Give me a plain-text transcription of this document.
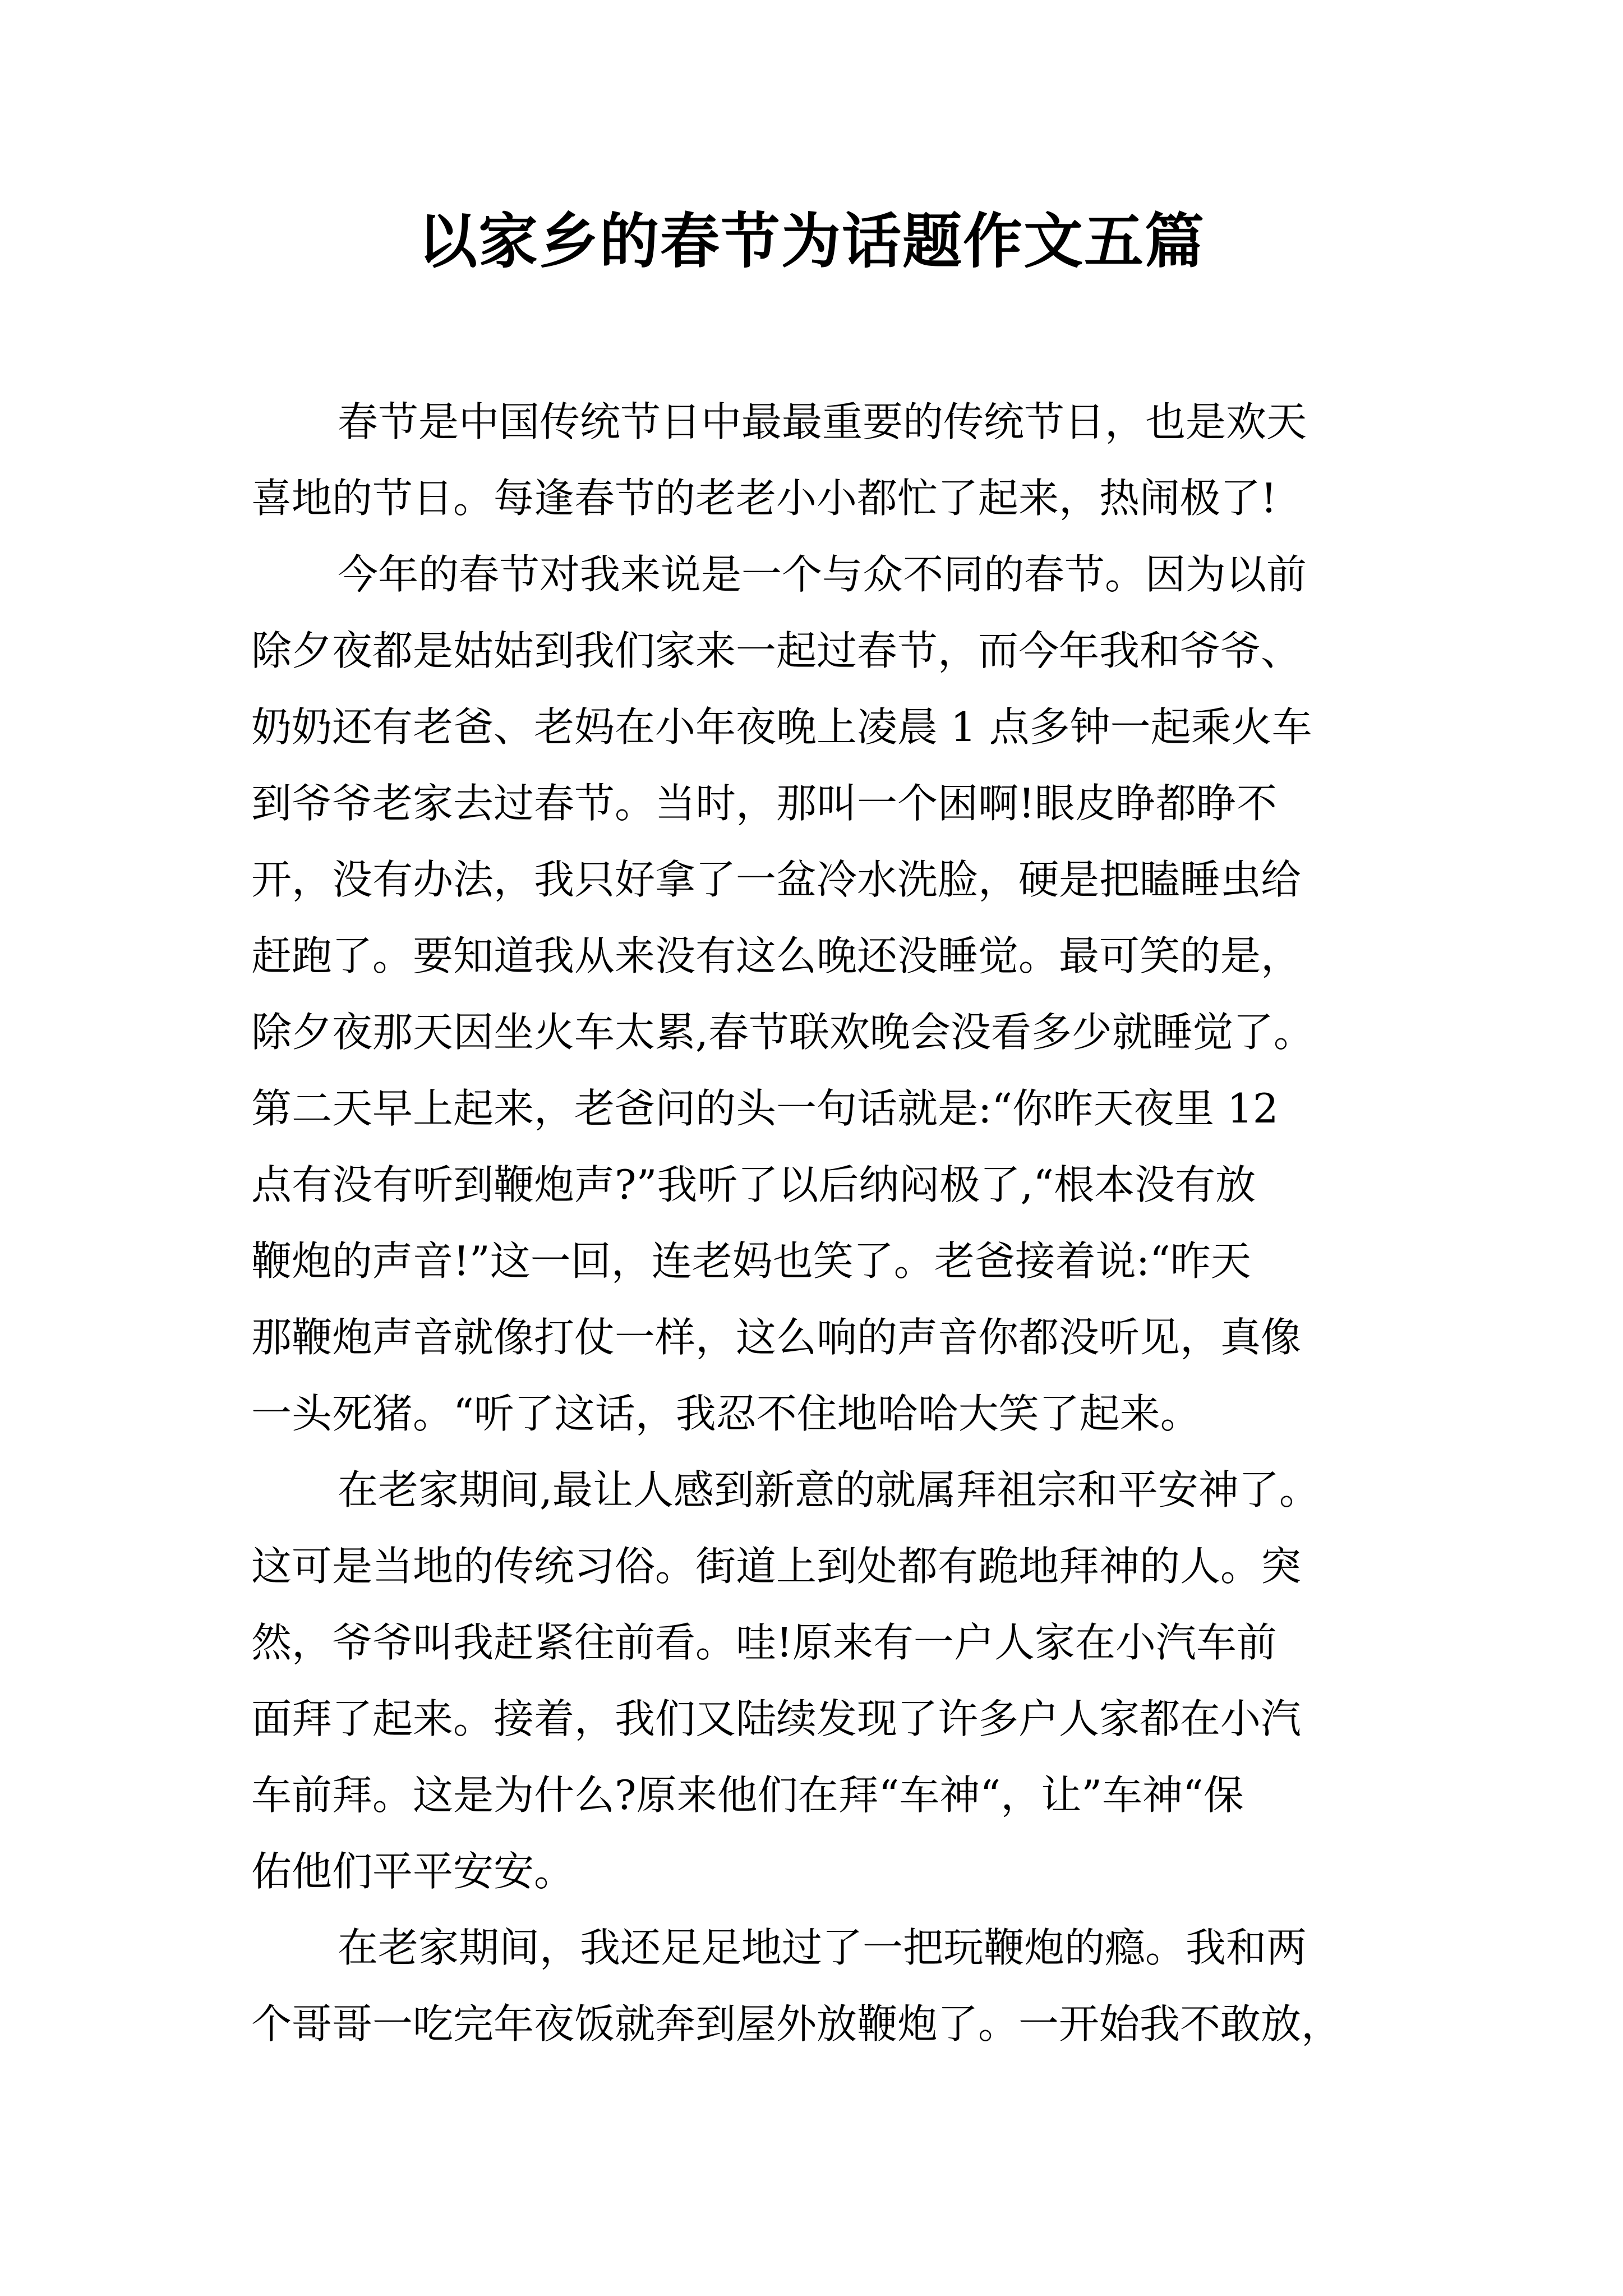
以家乡的春节为话题作文五篇
春节是中国传统节日中最最重要的传统节日，也是欢天
喜地的节日。每逢春节的老老小小都忙了起来，热闹极了!
今年的春节对我来说是一个与众不同的春节。因为以前
除夕夜都是姑姑到我们家来一起过春节，而今年我和爷爷、
奶奶还有老爸、老妈在小年夜晚上凌晨 1 点多钟一起乘火车
到爷爷老家去过春节。当时，那叫一个困啊!眼皮睁都睁不
开，没有办法，我只好拿了一盆冷水洗脸，硬是把瞌睡虫给
赶跑了。要知道我从来没有这么晚还没睡觉。最可笑的是，
除夕夜那天因坐火车太累,春节联欢晚会没看多少就睡觉了。
第二天早上起来，老爸问的头一句话就是:“你昨天夜里 12
点有没有听到鞭炮声?”我听了以后纳闷极了,“根本没有放
鞭炮的声音!”这一回，连老妈也笑了。老爸接着说:“昨天
那鞭炮声音就像打仗一样，这么响的声音你都没听见，真像
一头死猪。“听了这话，我忍不住地哈哈大笑了起来。
在老家期间,最让人感到新意的就属拜祖宗和平安神了。
这可是当地的传统习俗。街道上到处都有跪地拜神的人。突
然，爷爷叫我赶紧往前看。哇!原来有一户人家在小汽车前
面拜了起来。接着，我们又陆续发现了许多户人家都在小汽
车前拜。这是为什么?原来他们在拜“车神“，让”车神“保
佑他们平平安安。
在老家期间，我还足足地过了一把玩鞭炮的瘾。我和两
个哥哥一吃完年夜饭就奔到屋外放鞭炮了。一开始我不敢放，
